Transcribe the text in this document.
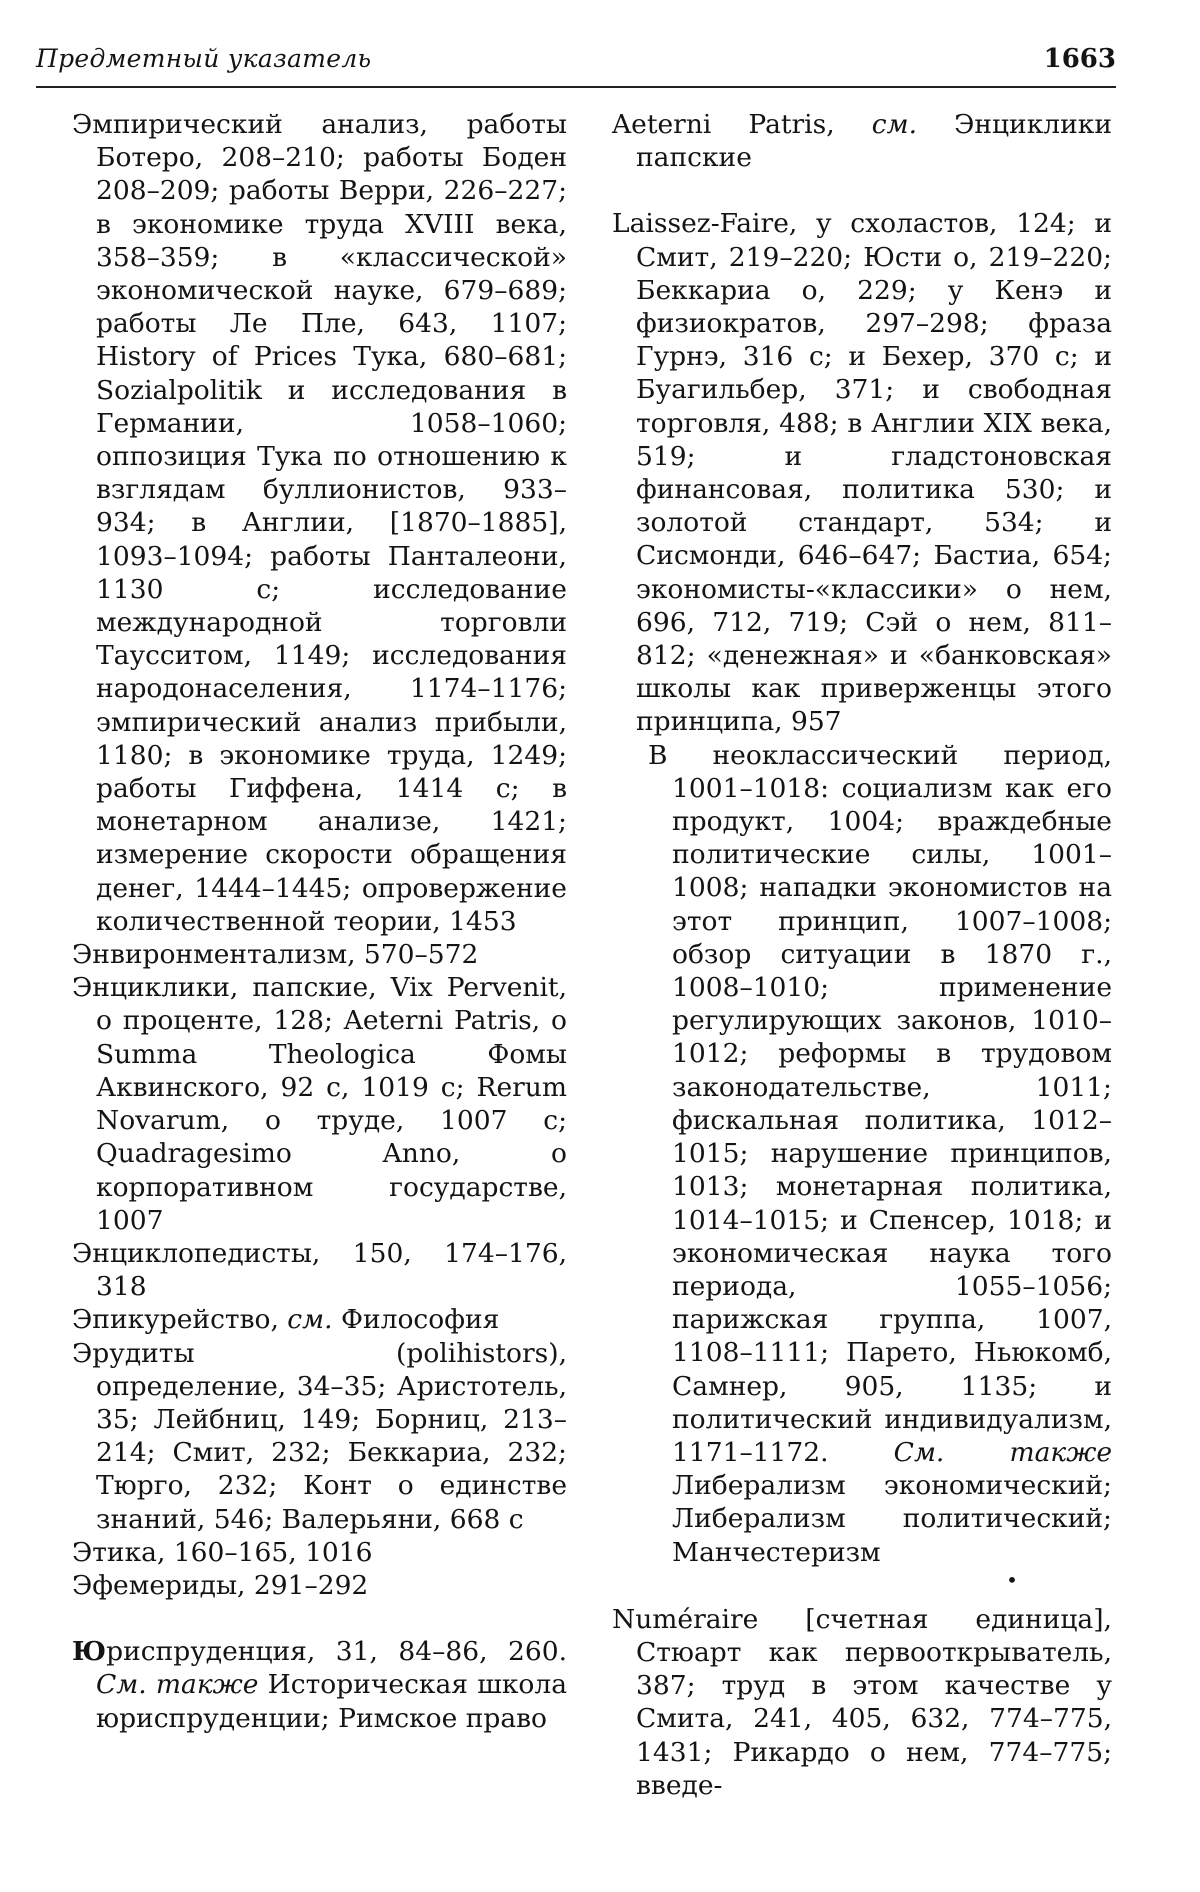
Предметный указатель	1663

Эмпирический анализ, работы Ботеро, 208–210; работы Боден 208–209; работы Верри, 226–227; в экономике труда XVIII века, 358–359; в «классической» экономической науке, 679–689; работы Ле Пле, 643, 1107; History of Prices Тука, 680–681; Sozialpolitik и исследования в Германии, 1058–1060; оппозиция Тука по отношению к взглядам буллионистов, 933–934; в Англии, [1870–1885], 1093–1094; работы Панталеони, 1130 с; исследование международной торговли Таусситом, 1149; исследования народонаселения, 1174–1176; эмпирический анализ прибыли, 1180; в экономике труда, 1249; работы Гиффена, 1414 с; в монетарном анализе, 1421; измерение скорости обращения денег, 1444–1445; опровержение количественной теории, 1453

Энвиронментализм, 570–572

Энциклики, папские, Vix Pervenit, о проценте, 128; Aeterni Patris, о Summa Theologica Фомы Аквинского, 92 с, 1019 с; Rerum Novarum, о труде, 1007 с; Quadragesimo Anno, о корпоративном государстве, 1007

Энциклопедисты, 150, 174–176, 318

Эпикурейство, см. Философия

Эрудиты (polihistors), определение, 34–35; Аристотель, 35; Лейбниц, 149; Борниц, 213–214; Смит, 232; Беккариа, 232; Тюрго, 232; Конт о единстве знаний, 546; Валерьяни, 668 с

Этика, 160–165, 1016

Эфемериды, 291–292

Юриспруденция, 31, 84–86, 260. См. также Историческая школа юриспруденции; Римское право

Aeterni Patris, см. Энциклики папские

Laissez-Faire, у схоластов, 124; и Смит, 219–220; Юсти о, 219–220; Беккариа о, 229; у Кенэ и физиократов, 297–298; фраза Гурнэ, 316 с; и Бехер, 370 с; и Буагильбер, 371; и свободная торговля, 488; в Англии XIX века, 519; и гладстоновская финансовая, политика 530; и золотой стандарт, 534; и Сисмонди, 646–647; Бастиа, 654; экономисты-«классики» о нем, 696, 712, 719; Сэй о нем, 811–812; «денежная» и «банковская» школы как приверженцы этого принципа, 957

В неоклассический период, 1001–1018: социализм как его продукт, 1004; враждебные политические силы, 1001–1008; нападки экономистов на этот принцип, 1007–1008; обзор ситуации в 1870 г., 1008–1010; применение регулирующих законов, 1010–1012; реформы в трудовом законодательстве, 1011; фискальная политика, 1012–1015; нарушение принципов, 1013; монетарная политика, 1014–1015; и Спенсер, 1018; и экономическая наука того периода, 1055–1056; парижская группа, 1007, 1108–1111; Парето, Ньюкомб, Самнер, 905, 1135; и политический индивидуализм, 1171–1172. См. также Либерализм экономический; Либерализм политический; Манчестеризм

•

Numéraire [счетная единица], Стюарт как первооткрыватель, 387; труд в этом качестве у Смита, 241, 405, 632, 774–775, 1431; Рикардо о нем, 774–775; введе-
